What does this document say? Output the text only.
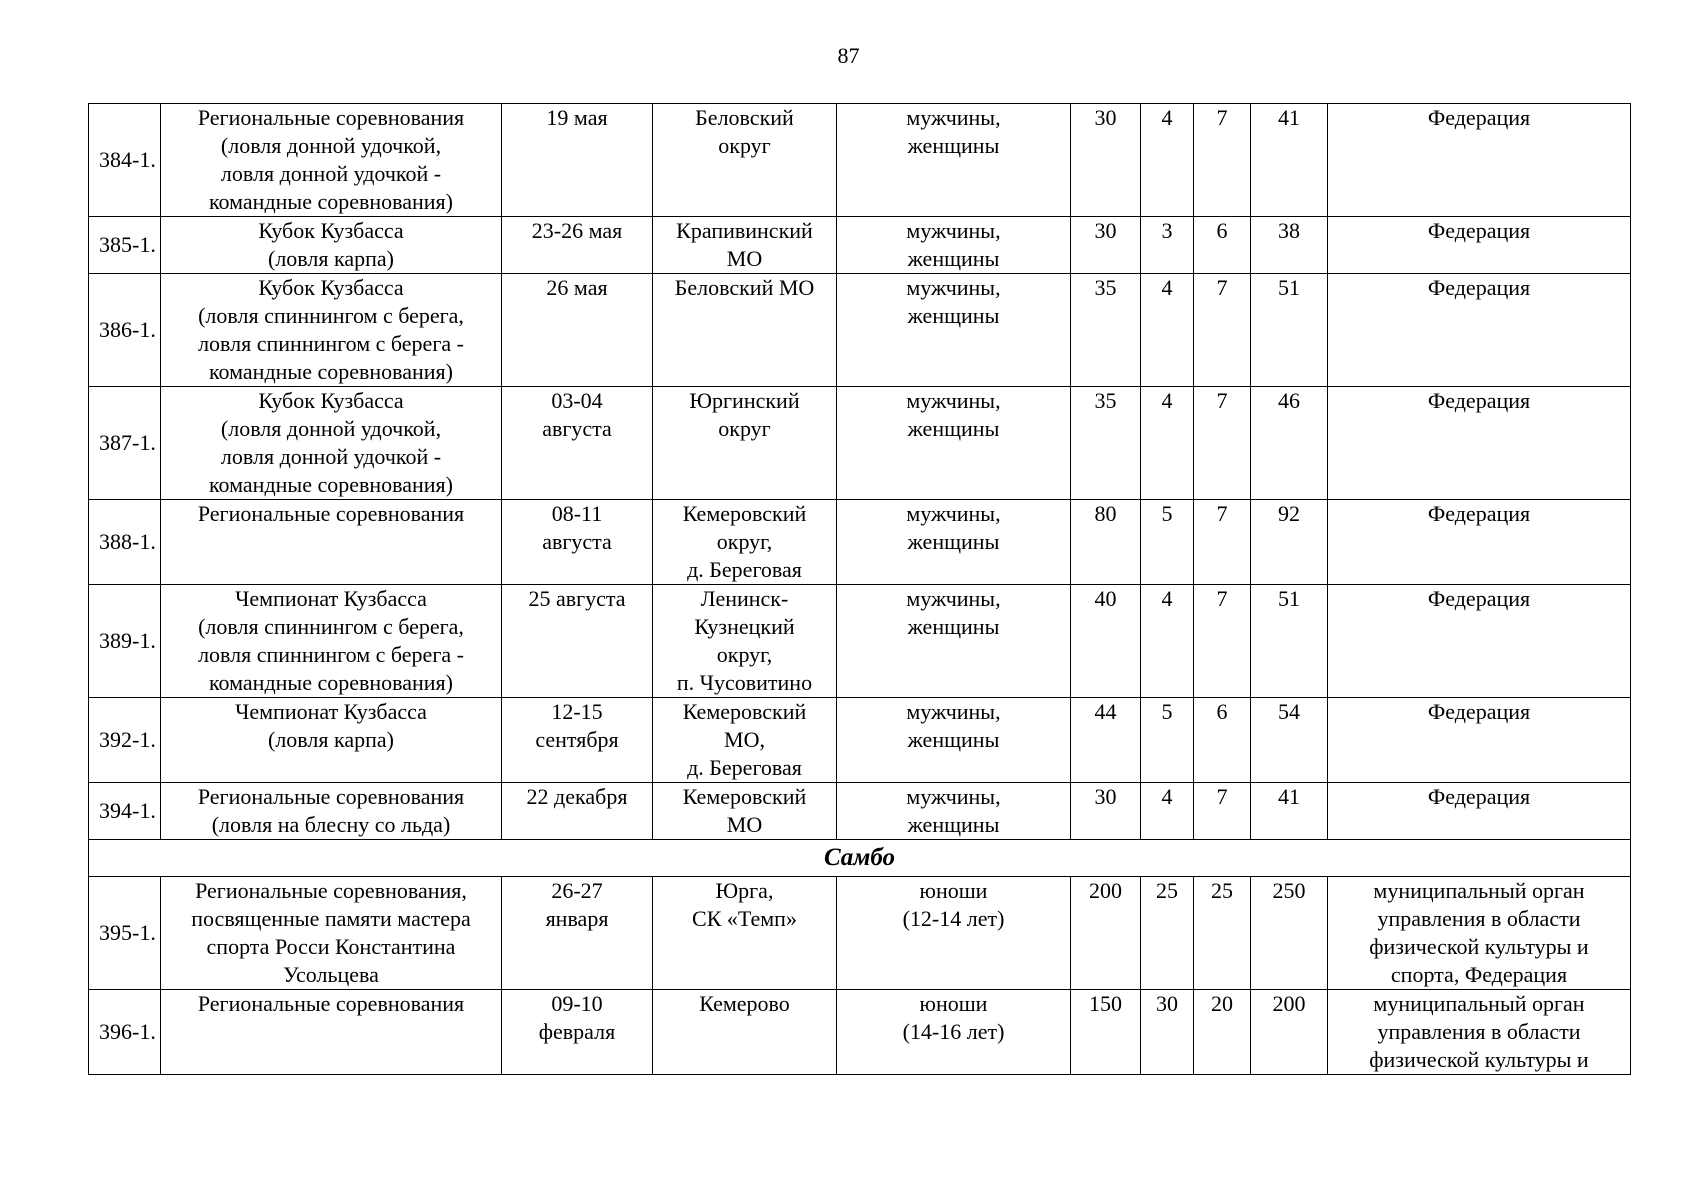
87
384-1.	Региональные соревнования
(ловля донной удочкой,
ловля донной удочкой -
командные соревнования)	19 мая	Беловский
округ	мужчины,
женщины	30	4	7	41	Федерация

385-1.	Кубок Кузбасса
(ловля карпа)	23-26 мая	Крапивинский
МО	мужчины,
женщины	30	3	6	38	Федерация

386-1.	Кубок Кузбасса
(ловля спиннингом с берега,
ловля спиннингом с берега -
командные соревнования)	26 мая	Беловский МО	мужчины,
женщины	35	4	7	51	Федерация

387-1.	Кубок Кузбасса
(ловля донной удочкой,
ловля донной удочкой -
командные соревнования)	03-04
августа	Юргинский
округ	мужчины,
женщины	35	4	7	46	Федерация

388-1.	Региональные соревнования	08-11
августа	Кемеровский
округ,
д. Береговая	мужчины,
женщины	80	5	7	92	Федерация

389-1.	Чемпионат Кузбасса
(ловля спиннингом с берега,
ловля спиннингом с берега -
командные соревнования)	25 августа	Ленинск-
Кузнецкий
округ,
п. Чусовитино	мужчины,
женщины	40	4	7	51	Федерация

392-1.	Чемпионат Кузбасса
(ловля карпа)	12-15
сентября	Кемеровский
МО,
д. Береговая	мужчины,
женщины	44	5	6	54	Федерация

394-1.	Региональные соревнования
(ловля на блесну со льда)	22 декабря	Кемеровский
МО	мужчины,
женщины	30	4	7	41	Федерация

Самбо									
395-1.	Региональные соревнования,
посвященные памяти мастера
спорта Росси Константина
Усольцева	26-27
января	Юрга,
СК «Темп»	юноши
(12-14 лет)	200	25	25	250	муниципальный орган
управления в области
физической культуры и
спорта, Федерация

396-1.	Региональные соревнования	09-10
февраля	Кемерово	юноши
(14-16 лет)	150	30	20	200	муниципальный орган
управления в области
физической культуры и
